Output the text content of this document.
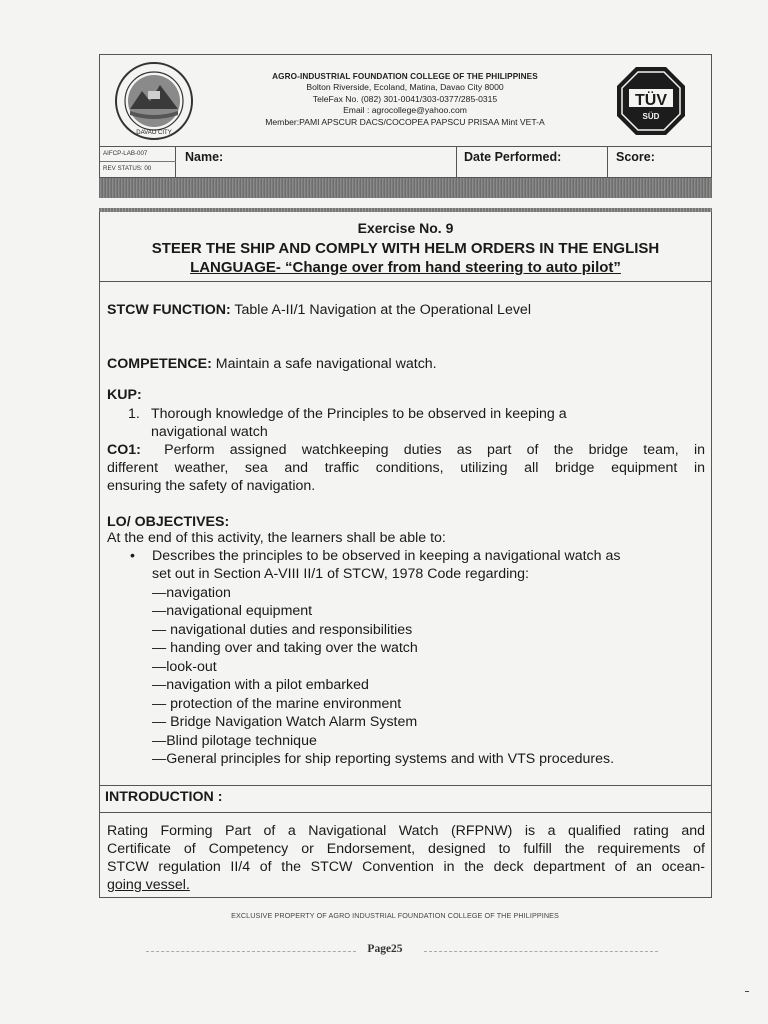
DAVAO CITY
AGRO-INDUSTRIAL FOUNDATION COLLEGE OF THE PHILIPPINES
Bolton Riverside, Ecoland, Matina, Davao City 8000
TeleFax No. (082) 301-0041/303-0377/285-0315
Email : agrocollege@yahoo.com
Member:PAMI APSCUR DACS/COCOPEA PAPSCU PRISAA Mint VET-A
TÜV
SÜD
AIFCP-LAB-007
REV STATUS: 00
Name:	Date Performed:	Score:
Exercise No. 9
STEER THE SHIP AND COMPLY WITH HELM ORDERS IN THE ENGLISH
LANGUAGE- “Change over from hand steering to auto pilot”
STCW FUNCTION: Table A-II/1 Navigation at the Operational Level
COMPETENCE: Maintain a safe navigational watch.
KUP:
1. Thorough knowledge of the Principles to be observed in keeping a
navigational watch
CO1: Perform assigned watchkeeping duties as part of the bridge team, in
different weather, sea and traffic conditions, utilizing all bridge equipment in
ensuring the safety of navigation.
LO/ OBJECTIVES:
At the end of this activity, the learners shall be able to:
• Describes the principles to be observed in keeping a navigational watch as
set out in Section A-VIII II/1 of STCW, 1978 Code regarding:
—navigation
—navigational equipment
— navigational duties and responsibilities
— handing over and taking over the watch
—look-out
—navigation with a pilot embarked
— protection of the marine environment
— Bridge Navigation Watch Alarm System
—Blind pilotage technique
—General principles for ship reporting systems and with VTS procedures.
INTRODUCTION :
Rating Forming Part of a Navigational Watch (RFPNW) is a qualified rating and
Certificate of Competency or Endorsement, designed to fulfill the requirements of
STCW regulation II/4 of the STCW Convention in the deck department of an ocean-
going vessel.
EXCLUSIVE PROPERTY OF AGRO INDUSTRIAL FOUNDATION COLLEGE OF THE PHILIPPINES
Page25
